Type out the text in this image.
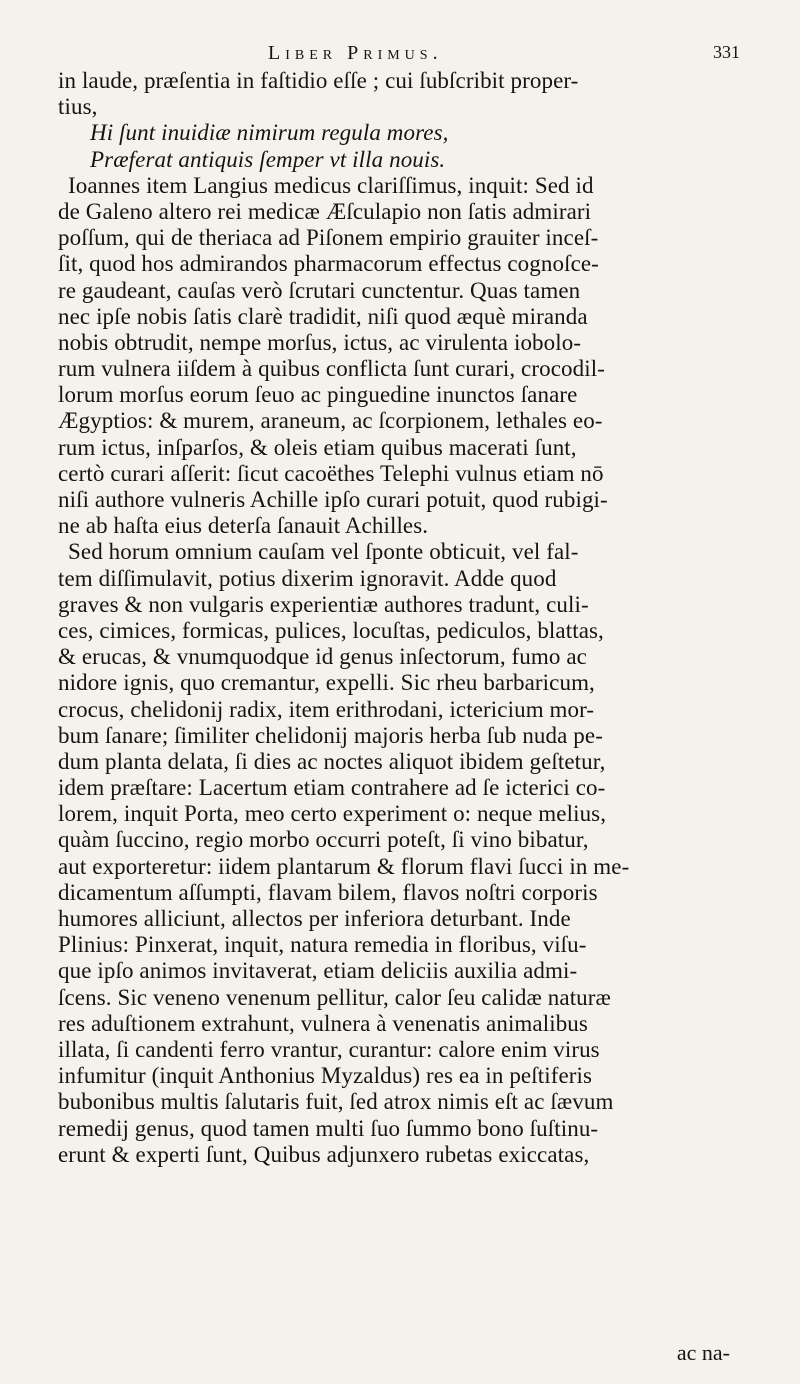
Liber Primus.	331
in laude, præſentia in faſtidio eſſe ; cui ſubſcribit proper-
tius,
Hi ſunt inuidiæ nimirum regula mores,
Præferat antiquis ſemper vt illa nouis.
Ioannes item Langius medicus clariſſimus, inquit: Sed id
de Galeno altero rei medicæ Æſculapio non ſatis admirari
poſſum, qui de theriaca ad Piſonem empirio grauiter inceſ-
ſit, quod hos admirandos pharmacorum effectus cognoſce-
re gaudeant, cauſas verò ſcrutari cunctentur. Quas tamen
nec ipſe nobis ſatis clarè tradidit, niſi quod æquè miranda
nobis obtrudit, nempe morſus, ictus, ac virulenta iobolo-
rum vulnera iiſdem à quibus conflicta ſunt curari, crocodil-
lorum morſus eorum ſeuo ac pinguedine inunctos ſanare
Ægyptios: & murem, araneum, ac ſcorpionem, lethales eo-
rum ictus, inſparſos, & oleis etiam quibus macerati ſunt,
certò curari aſſerit: ſicut cacoëthes Telephi vulnus etiam nō
niſi authore vulneris Achille ipſo curari potuit, quod rubigi-
ne ab haſta eius deterſa ſanauit Achilles.
Sed horum omnium cauſam vel ſponte obticuit, vel fal-
tem diſſimulavit, potius dixerim ignoravit. Adde quod
graves & non vulgaris experientiæ authores tradunt, culi-
ces, cimices, formicas, pulices, locuſtas, pediculos, blattas,
& erucas, & vnumquodque id genus inſectorum, fumo ac
nidore ignis, quo cremantur, expelli. Sic rheu barbaricum,
crocus, chelidonij radix, item erithrodani, ictericium mor-
bum ſanare; ſimiliter chelidonij majoris herba ſub nuda pe-
dum planta delata, ſi dies ac noctes aliquot ibidem geſtetur,
idem præſtare: Lacertum etiam contrahere ad ſe icterici co-
lorem, inquit Porta, meo certo experiment o: neque melius,
quàm ſuccino, regio morbo occurri poteſt, ſi vino bibatur,
aut exporteretur: iidem plantarum & florum flavi ſucci in me-
dicamentum aſſumpti, flavam bilem, flavos noſtri corporis
humores alliciunt, allectos per inferiora deturbant. Inde
Plinius: Pinxerat, inquit, natura remedia in floribus, viſu-
que ipſo animos invitaverat, etiam deliciis auxilia admi-
ſcens. Sic veneno venenum pellitur, calor ſeu calidæ naturæ
res aduſtionem extrahunt, vulnera à venenatis animalibus
illata, ſi candenti ferro vrantur, curantur: calore enim virus
infumitur (inquit Anthonius Myzaldus) res ea in peſtiferis
bubonibus multis ſalutaris fuit, ſed atrox nimis eſt ac ſævum
remedij genus, quod tamen multi ſuo ſummo bono ſuſtinu-
erunt & experti ſunt, Quibus adjunxero rubetas exiccatas,
ac na-
